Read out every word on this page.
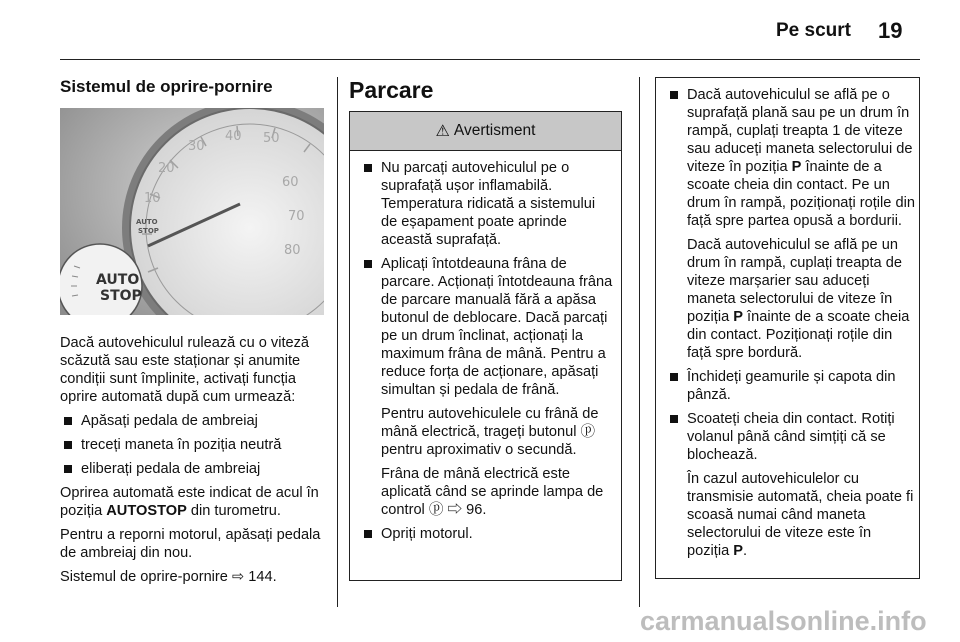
Pe scurt 19
Sistemul de oprire-pornire
10
20
30
40 50
60
70
80
AUTO
STOP
AUTO
STOP

Dacă autovehiculul rulează cu o viteză scăzută sau este staționar și anumite condiții sunt împlinite, activați funcția oprire automată după cum urmează:

Apăsați pedala de ambreiaj
treceți maneta în poziția neutră
eliberați pedala de ambreiaj

Oprirea automată este indicat de acul în poziția AUTOSTOP din turometru.

Pentru a reporni motorul, apăsați pedala de ambreiaj din nou.

Sistemul de oprire-pornire ⇨ 144.

Parcare
⚠ Avertisment
Nu parcați autovehiculul pe o suprafață ușor inflamabilă. Temperatura ridicată a sistemului de eșapament poate aprinde această suprafață.
Aplicați întotdeauna frâna de parcare. Acționați întotdeauna frâna de parcare manuală fără a apăsa butonul de deblocare. Dacă parcați pe un drum înclinat, acționați la maximum frâna de mână. Pentru a reduce forța de acționare, apăsați simultan și pedala de frână.
Pentru autovehiculele cu frână de mână electrică, trageți butonul ⓟ pentru aproximativ o secundă.
Frâna de mână electrică este aplicată când se aprinde lampa de control ⓟ ⇨ 96.
Opriți motorul.
Dacă autovehiculul se află pe o suprafață plană sau pe un drum în rampă, cuplați treapta 1 de viteze sau aduceți maneta selectorului de viteze în poziția P înainte de a scoate cheia din contact. Pe un drum în rampă, poziționați roțile din față spre partea opusă a bordurii.
Dacă autovehiculul se află pe un drum în rampă, cuplați treapta de viteze marșarier sau aduceți maneta selectorului de viteze în poziția P înainte de a scoate cheia din contact. Poziționați roțile din față spre bordură.
Închideți geamurile și capota din pânză.
Scoateți cheia din contact. Rotiți volanul până când simțiți că se blochează.
În cazul autovehiculelor cu transmisie automată, cheia poate fi scoasă numai când maneta selectorului de viteze este în poziția P.
carmanualsonline.info
